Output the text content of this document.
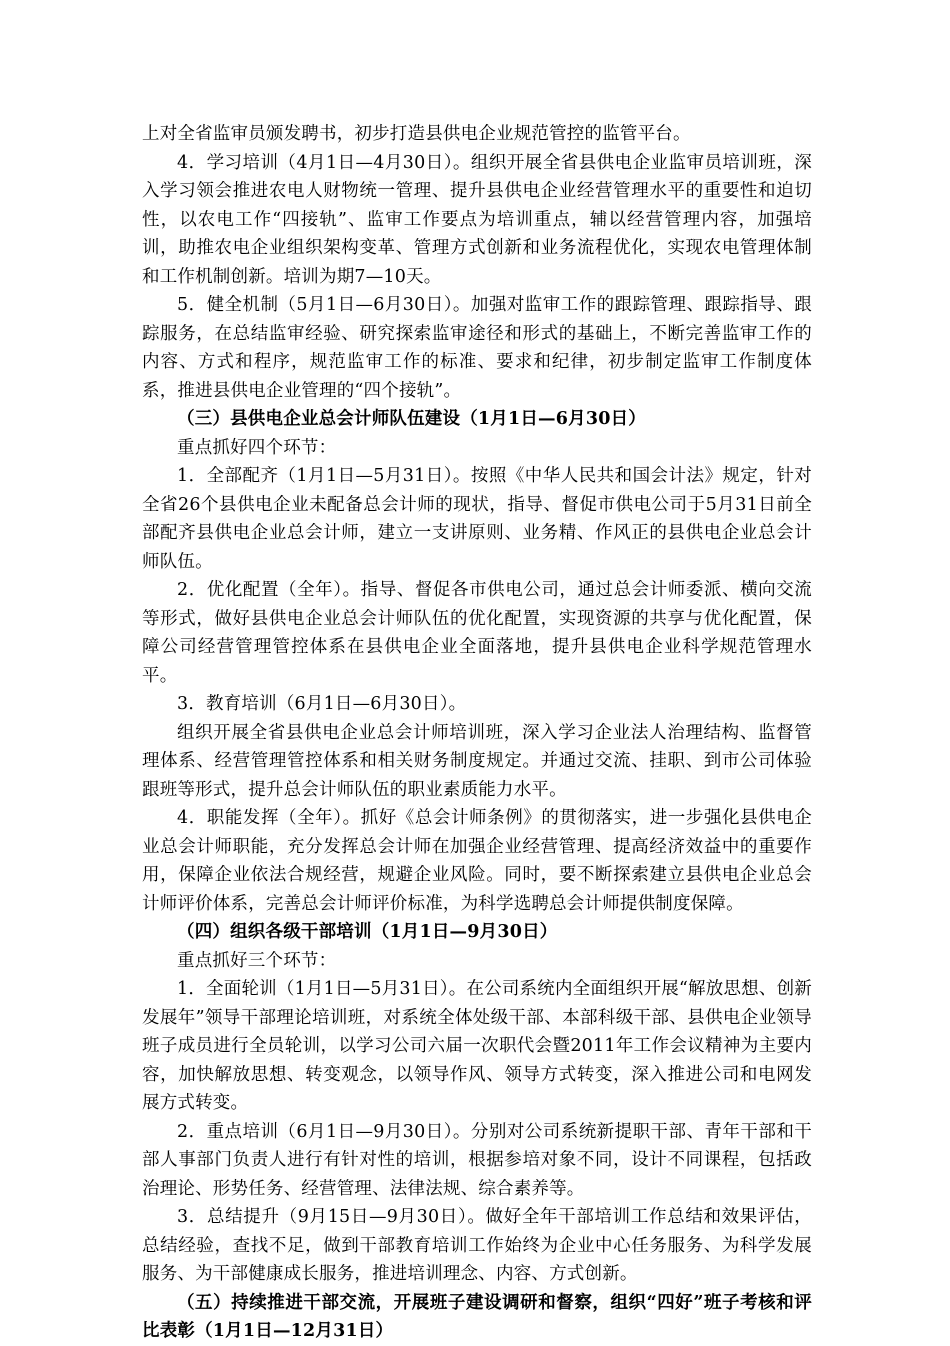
上对全省监审员颁发聘书，初步打造县供电企业规范管控的监管平台。

4．学习培训（4月1日—4月30日）。组织开展全省县供电企业监审员培训班，深入学习领会推进农电人财物统一管理、提升县供电企业经营管理水平的重要性和迫切性，以农电工作“四接轨”、监审工作要点为培训重点，辅以经营管理内容，加强培训，助推农电企业组织架构变革、管理方式创新和业务流程优化，实现农电管理体制和工作机制创新。培训为期7—10天。

5．健全机制（5月1日—6月30日）。加强对监审工作的跟踪管理、跟踪指导、跟踪服务，在总结监审经验、研究探索监审途径和形式的基础上，不断完善监审工作的内容、方式和程序，规范监审工作的标准、要求和纪律，初步制定监审工作制度体系，推进县供电企业管理的“四个接轨”。

（三）县供电企业总会计师队伍建设（1月1日—6月30日）

重点抓好四个环节：

1．全部配齐（1月1日—5月31日）。按照《中华人民共和国会计法》规定，针对全省26个县供电企业未配备总会计师的现状，指导、督促市供电公司于5月31日前全部配齐县供电企业总会计师，建立一支讲原则、业务精、作风正的县供电企业总会计师队伍。

2．优化配置（全年）。指导、督促各市供电公司，通过总会计师委派、横向交流等形式，做好县供电企业总会计师队伍的优化配置，实现资源的共享与优化配置，保障公司经营管理管控体系在县供电企业全面落地，提升县供电企业科学规范管理水平。

3．教育培训（6月1日—6月30日）。

组织开展全省县供电企业总会计师培训班，深入学习企业法人治理结构、监督管理体系、经营管理管控体系和相关财务制度规定。并通过交流、挂职、到市公司体验跟班等形式，提升总会计师队伍的职业素质能力水平。

4．职能发挥（全年）。抓好《总会计师条例》的贯彻落实，进一步强化县供电企业总会计师职能，充分发挥总会计师在加强企业经营管理、提高经济效益中的重要作用，保障企业依法合规经营，规避企业风险。同时，要不断探索建立县供电企业总会计师评价体系，完善总会计师评价标准，为科学选聘总会计师提供制度保障。

（四）组织各级干部培训（1月1日—9月30日）

重点抓好三个环节：

1．全面轮训（1月1日—5月31日）。在公司系统内全面组织开展“解放思想、创新发展年”领导干部理论培训班，对系统全体处级干部、本部科级干部、县供电企业领导班子成员进行全员轮训，以学习公司六届一次职代会暨2011年工作会议精神为主要内容，加快解放思想、转变观念，以领导作风、领导方式转变，深入推进公司和电网发展方式转变。

2．重点培训（6月1日—9月30日）。分别对公司系统新提职干部、青年干部和干部人事部门负责人进行有针对性的培训，根据参培对象不同，设计不同课程，包括政治理论、形势任务、经营管理、法律法规、综合素养等。

3．总结提升（9月15日—9月30日）。做好全年干部培训工作总结和效果评估，总结经验，查找不足，做到干部教育培训工作始终为企业中心任务服务、为科学发展服务、为干部健康成长服务，推进培训理念、内容、方式创新。

（五）持续推进干部交流，开展班子建设调研和督察，组织“四好”班子考核和评比表彰（1月1日—12月31日）
